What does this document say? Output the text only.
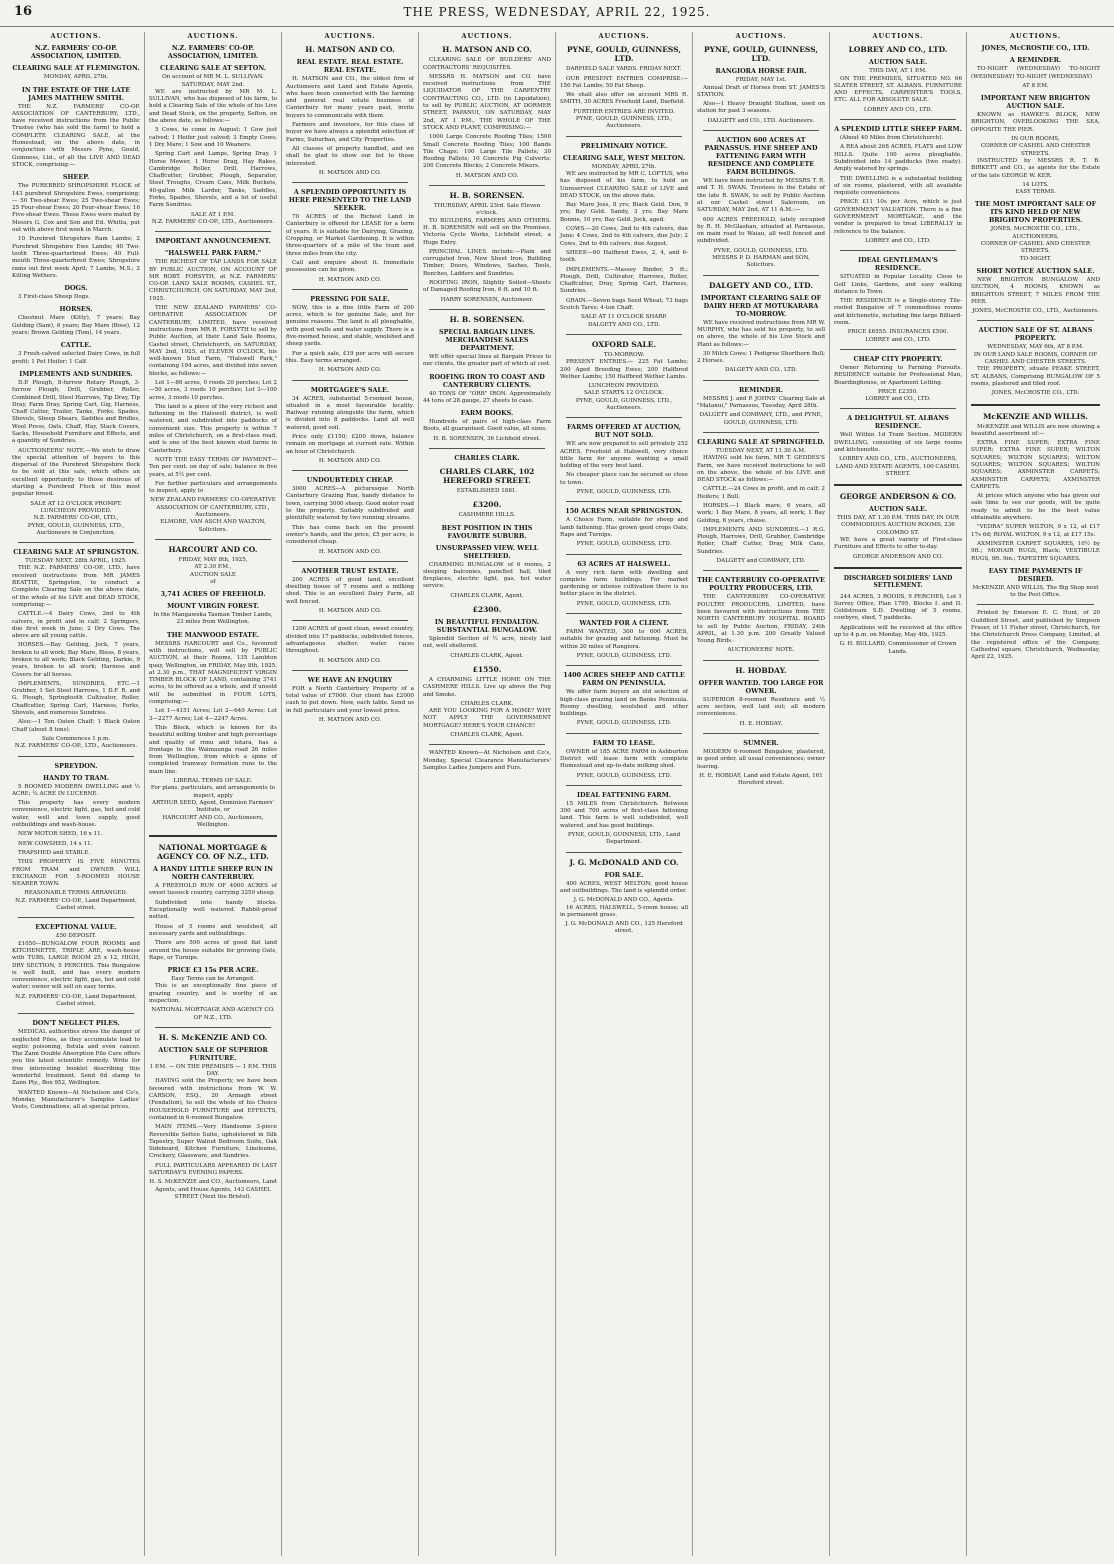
16	THE PRESS, WEDNESDAY, APRIL 22, 1925.
AUCTIONS.
N.Z. FARMERS' CO-OP. ASSOCIATION, LIMITED.
CLEARING SALE AT FLEMINGTON.
MONDAY, APRIL 27th.
IN THE ESTATE OF THE LATE JAMES MATTHEW SMITH.

THE N.Z. FARMERS' CO-OP. ASSOCIATION OF CANTERBURY, LTD., have received instructions from the Public Trustee (who has sold the farm) to hold a COMPLETE CLEARING SALE, at the Homestead, on the above date, in conjunction with Messrs Pyne, Gould, Guinness, Ltd., of all the LIVE AND DEAD STOCK, comprising:—

SHEEP.

The PUREBRED SHROPSHIRE FLOCK of 143 purebred Shropshire Ewes, comprising:— 50 Two-shear Ewes; 25 Two-shear Ewes; 25 Four-shear Ewes; 20 Four-shear Ewes; 16 Five-shear Ewes. These Ewes were mated by Messrs G. Cox and Son and Ed. Whitta, put out with above first week in March.

10 Purebred Shropshire Ram Lambs; 2 Purebred Shropshire Ewe Lambs; 40 Two-tooth Three-quarterbred Ewes; 40 Full-mouth Three-quarterbred Ewes; Shropshire rams out first week April; 7 Lambs, M.S.; 2 Killing Wethers.

DOGS.

3 First-class Sheep Dogs.

HORSES.

Chestnut Mare (Kitty), 7 years; Bay Gelding (Sam), 6 years; Bay Mare (Boss), 12 years; Brown Gelding (Tom), 14 years.

CATTLE.

3 Fresh-calved selected Dairy Cows, in full profit; 1 Pet Heifer; 1 Calf.

IMPLEMENTS AND SUNDRIES.

D.P. Plough, 8-furrow Rotary Plough, 3-furrow Plough, Drill, Grubber, Roller, Combined Drill, Steel Harrows, Tip Dray, Tip Dray, Farm Dray, Spring Cart, Gig, Harness, Chaff Cutter, Trailer, Tanks, Forks, Spades, Shovels, Sheep Shears, Saddles and Bridles, Wool Press, Oats, Chaff, Hay, Stack Covers, Sacks, Household Furniture and Effects, and a quantity of Sundries.

AUCTIONEERS' NOTE.—We wish to draw the special attention of buyers to this dispersal of the Purebred Shropshire flock to be sold at this sale, which offers an excellent opportunity to those desirous of starting a Purebred Flock of this most popular breed.

SALE AT 12 O'CLOCK PROMPT.
LUNCHEON PROVIDED.
N.Z. FARMERS' CO-OP., LTD.,
PYNE, GOULD, GUINNESS, LTD., Auctioneers in Conjunction.
CLEARING SALE AT SPRINGSTON.
TUESDAY NEXT, 28th APRIL, 1925.

THE N.Z. FARMERS' CO-OP., LTD., have received instructions from MR JAMES BEATTIE, Springston, to conduct a Complete Clearing Sale on the above date, of the whole of his LIVE and DEAD STOCK, comprising:—

CATTLE.—4 Dairy Cows, 2nd to 4th calvers, in profit and in calf; 2 Springers, due first week in June; 2 Dry Cows. The above are all young cattle.

HORSES.—Bay Gelding, Jock, 7 years, broken to all work; Bay Mare, Bless, 8 years, broken to all work; Black Gelding, Darkie, 9 years, broken to all work; Harness and Covers for all horses.

IMPLEMENTS, SUNDRIES, ETC.—1 Grubber, 1 Set Steel Harrows, 1 D.F. R. and G. Plough, Springtooth Cultivator, Roller, Chaffcutter, Spring Cart, Harness, Forks, Shovels, and numerous Sundries.

Also:—1 Ton Oaten Chaff; 1 Black Oaten Chaff (about 8 tons).

Sale Commences 1 p.m.
N.Z. FARMERS' CO-OP., LTD., Auctioneers.
SPREYDON.
HANDY TO TRAM.

5 ROOMED MODERN DWELLING and ½ ACRE; ¼ ACRE IN LUCERNE.

This property has every modern convenience, electric light, gas, hot and cold water, well and town supply, good outbuildings and wash-house.

NEW MOTOR SHED, 16 x 11.

NEW COWSHED, 14 x 11.

TRAPSHED and STABLE.

THIS PROPERTY IS FIVE MINUTES FROM TRAM and OWNER WILL EXCHANGE FOR 5-ROOMED HOUSE NEARER TOWN.

REASONABLE TERMS ARRANGED.
N.Z. FARMERS' CO-OP., Land Department, Cashel street.
EXCEPTIONAL VALUE.
£50 DEPOSIT.

£1050—BUNGALOW FOUR ROOMS and KITCHENETTE, TRIPLE ARE, wash-house with TUBS, LARGE ROOM 25 x 12, HIGH, DRY SECTION, 5 PERCHES. This Bungalow is well built, and has every modern convenience, electric light, gas, hot and cold water; owner will sell on easy terms.

N.Z. FARMERS' CO-OP., Land Department, Cashel street.
DON'T NEGLECT PILES.

MEDICAL authorities stress the danger of neglected Piles, as they accumulate lead to septic poisoning, fistula and even cancer. The Zann Double Absorption Pile Cure offers you the latest scientific remedy. Write for free interesting booklet describing this wonderful treatment. Send 6d stamp to Zann Pty., Box 952, Wellington.

WANTED Known—At Nicholson and Co's, Monday, Manufacturer's Samples Ladies' Vests, Combinations, all at special prices.

AUCTIONS.
N.Z. FARMERS' CO-OP. ASSOCIATION, LIMITED.
CLEARING SALE AT SEFTON.
On account of MR M. L. SULLIVAN.
SATURDAY, MAY 2nd.

WE are instructed by MR M. L. SULLIVAN, who has disposed of his farm, to hold a Clearing Sale of the whole of his Live and Dead Stock, on the property, Sefton, on the above date, as follows:—

5 Cows, to come in August; 1 Cow just calved; 1 Heifer just calved; 3 Empty Cows; 1 Dry Mare; 1 Sow and 10 Weaners.

Spring Cart and Lamps, Spring Dray, 1 Horse Mower, 1 Horse Drag, Hay Rakes, Cambridge Roller, Drill, Harrows, Chaffcutter, Grubber, Plough, Separator, Steel Troughs, Cream Cans, Milk Buckets, 40-gallon Milk Larder, Tanks, Saddles, Forks, Spades, Shovels, and a lot of useful Farm Sundries.

SALE AT 1 P.M.
N.Z. FARMERS' CO-OP., LTD., Auctioneers.
IMPORTANT ANNOUNCEMENT.
"HALSWELL PARK FARM."

THE RICHEST OF TAP LANDS FOR SALE BY PUBLIC AUCTION, ON ACCOUNT OF MR ROBT. FORSYTH, at N.Z. FARMERS' CO-OP. LAND SALE ROOMS, CASHEL ST., CHRISTCHURCH, ON SATURDAY, MAY 2nd, 1925.

THE NEW ZEALAND FARMERS' CO-OPERATIVE ASSOCIATION OF CANTERBURY, LIMITED, have received instructions from MR R. FORSYTH to sell by Public Auction, at their Land Sale Rooms, Cashel street, Christchurch, on SATURDAY, MAY 2nd, 1925, at ELEVEN O'CLOCK, his well-known Stud Farm, "Halswell Park," containing 194 acres, and divided into seven blocks, as follows:—

Lot 1—86 acres, 0 roods 20 perches; Lot 2—50 acres, 3 roods 10 perches; Lot 3—100 acres, 3 roods 10 perches.

The land is a piece of the very richest and fattening in the Halswell district, is well watered, and subdivided into paddocks of convenient size. This property is within 7 miles of Christchurch, on a first-class road, and is one of the best known stud farms in Canterbury.

NOTE THE EASY TERMS OF PAYMENT—Ten per cent. on day of sale; balance in five years, at 5½ per cent.

For further particulars and arrangements to inspect, apply to

NEW ZEALAND FARMERS' CO-OPERATIVE ASSOCIATION OF CANTERBURY, LTD., Auctioneers.
ELMORE, VAN ASCH AND WALTON, Solicitors.
HARCOURT AND CO.
FRIDAY, MAY 8th, 1925,
AT 2.30 P.M.,
AUCTION SALE
of
3,741 ACRES OF FREEHOLD.
MOUNT VIRGIN FOREST.
In the Mangaweka Tasman Timber Lands, 23 miles from Wellington.
THE MANWOOD ESTATE.

MESSRS HARCOURT and Co., favoured with instructions, will sell by PUBLIC AUCTION, at their Rooms, 135 Lambton quay, Wellington, on FRIDAY, May 8th, 1925, at 2.30 p.m., THAT MAGNIFICENT VIRGIN TIMBER BLOCK OF LAND, containing 3741 acres, to be offered as a whole, and if unsold will be submitted in FOUR LOTS, comprising:—

Lot 1—4151 Acres; Lot 2—640 Acres; Lot 3—2277 Acres; Lot 4—2247 Acres.

This Block, which is known for its beautiful milling timber and high percentage and quality of rimu and totara, has a frontage to the Waimaunga road 26 miles from Wellington, from which a spine of completed tramway formation runs to the main line.

LIBERAL TERMS OF SALE.
For plans, particulars, and arrangements to inspect, apply
ARTHUR SEED, Agent, Dominion Farmers' Institute, or
HARCOURT AND CO., Auctioneers, Wellington.
NATIONAL MORTGAGE & AGENCY CO. OF N.Z., LTD.
A HANDY LITTLE SHEEP RUN IN NORTH CANTERBURY.

A FREEHOLD RUN OF 4000 ACRES of sweet tussock country, carrying 3250 sheep.

Subdivided into handy blocks. Exceptionally well watered. Rabbit-proof netted.

House of 5 rooms and woolshed, all necessary yards and outbuildings.

There are 500 acres of good flat land around the house suitable for growing Oats, Rape, or Turnips.

PRICE £3 15s PER ACRE.
Easy Terms can be Arranged.

This is an exceptionally fine piece of grazing country, and is worthy of an inspection.

NATIONAL MORTGAGE AND AGENCY CO. OF N.Z., LTD.
H. S. McKENZIE AND CO.
AUCTION SALE OF SUPERIOR FURNITURE.
1 P.M. — ON THE PREMISES — 1 P.M. THIS DAY.

HAVING sold the Property, we have been favoured with instructions from W. W. CARSON, ESQ., 20 Armagh street (Fendalton), to sell the whole of his Choice HOUSEHOLD FURNITURE and EFFECTS, contained in 6-roomed Bungalow.

MAIN ITEMS.—Very Handsome 3-piece Reversible Settee Suite, upholstered in Silk Tapestry, Super Walnut Bedroom Suite, Oak Sideboard, Kitchen Furniture, Linoleums, Crockery, Glassware, and Sundries.

FULL PARTICULARS APPEARED IN LAST SATURDAY'S EVENING PAPERS.

H. S. McKENZIE and CO., Auctioneers, Land Agents, and House Agents, 143 CASHEL STREET (Next the Bristol).
AUCTIONS.
H. MATSON AND CO.
REAL ESTATE. REAL ESTATE. REAL ESTATE.

H. MATSON and CO., the oldest firm of Auctioneers and Land and Estate Agents, who have been connected with the farming and general real estate business of Canterbury for many years past, invite buyers to communicate with them.

Farmers and investors, for this class of buyer we have always a splendid selection of Farms, Suburban, and City Properties.

All classes of property handled, and we shall be glad to show our list to those interested.

H. MATSON AND CO.
A SPLENDID OPPORTUNITY IS HERE PRESENTED TO THE LAND SEEKER.

70 ACRES of the Richest Land in Canterbury is offered for LEASE for a term of years. It is suitable for Dairying, Grazing, Cropping, or Market Gardening. It is within three-quarters of a mile of the tram and three miles from the city.

Call and enquire about it. Immediate possession can be given.

H. MATSON AND CO.
PRESSING FOR SALE.

NOW, this is a fine little Farm of 200 acres, which is for genuine Sale, and for genuine reasons. The land is all ploughable, with good wells and water supply. There is a five-roomed house, and stable, woolshed and sheep yards.

For a quick sale, £19 per acre will secure this. Easy terms arranged.

H. MATSON AND CO.
MORTGAGEE'S SALE.

34 ACRES, substantial 5-roomed house, situated in a most favourable locality. Railway running alongside the farm, which is divided into 8 paddocks. Land all well watered, good soil.

Price only £1150; £200 down, balance remain on mortgage at current rate. Within an hour of Christchurch.

H. MATSON AND CO.
UNDOUBTEDLY CHEAP.

3000 ACRES—A picturesque North Canterbury Grazing Run, handy distance to town, carrying 3000 sheep. Good motor road to the property. Suitably subdivided and plentifully watered by two running streams.

This has come back on the present owner's hands, and the price, £5 per acre, is considered cheap.

H. MATSON AND CO.
ANOTHER TRUST ESTATE.

200 ACRES of good land, excellent dwelling house of 7 rooms and a milking shed. This is an excellent Dairy Farm, all well fenced.

H. MATSON AND CO.

1200 ACRES of good clean, sweet country, divided into 17 paddocks, subdivided fences, advantageous shelter, water races throughout.

H. MATSON AND CO.
WE HAVE AN ENQUIRY

FOR a North Canterbury Property of a total value of £7000. Our client has £2000 cash to put down. Now, each table. Send us in full particulars and your lowest price.

H. MATSON AND CO.
AUCTIONS.
H. MATSON AND CO.

CLEARING SALE OF BUILDERS' AND CONTRACTORS' REQUISITES.

MESSRS H. MATSON and CO. have received instructions from THE LIQUIDATOR OF THE CARPENTRY CONTRACTING CO., LTD. (in Liquidation), to sell by PUBLIC AUCTION, AT DORMER STREET, PAPANUI, ON SATURDAY, MAY 2nd, AT 1 P.M., THE WHOLE OF THE STOCK AND PLANT, COMPRISING:—

1000 Large Concrete Roofing Tiles; 1500 Small Concrete Roofing Tiles; 100 Bands Tile Chaps; 100 Large Tile Pallets; 30 Roofing Pallets; 10 Concrete Pig Culverts; 200 Concrete Blocks; 2 Concrete Mixers.

H. MATSON AND CO.
H. B. SORENSEN.
THURSDAY, APRIL 23rd. Sale Eleven o'clock.

TO BUILDERS, FARMERS AND OTHERS. H. B. SORENSEN will sell on the Premises, Victoria Cycle Works, Lichfield street, a Huge Entry.

PRINCIPAL LINES include:—Plain and corrugated Iron, New Sheet Iron, Building Timber, Doors, Windows, Sashes, Tools, Benches, Ladders and Sundries.

ROOFING IRON, Slightly Soiled—Sheets of Damaged Roofing Iron, 6 ft. and 10 ft.

HARRY SORENSEN, Auctioneer.
H. B. SORENSEN.
SPECIAL BARGAIN LINES. MERCHANDISE SALES DEPARTMENT.

WE offer special lines at Bargain Prices to our clients, the greater part of which at cost.

ROOFING IRON TO COAST AND CANTERBURY CLIENTS.

40 TONS OF "ORB" IRON. Approximately 44 tons of 28 gauge, 27 sheets to case.

FARM BOOKS.

Hundreds of pairs of high-class Farm Boots, all guaranteed. Good value, all sizes.

H. B. SORENSEN, 36 Lichfield street.
CHARLES CLARK.
CHARLES CLARK, 102 HEREFORD STREET.
ESTABLISHED 1881.
£3200.
CASHMERE HILLS.
BEST POSITION IN THIS FAVOURITE SUBURB.
UNSURPASSED VIEW. WELL SHELTERED.

CHARMING BUNGALOW of 6 rooms, 2 sleeping balconies, panelled hall, tiled fireplaces, electric light, gas, hot water service.

CHARLES CLARK, Agent.
£2300.
IN BEAUTIFUL FENDALTON. SUBSTANTIAL BUNGALOW.

Splendid Section of ½ acre, nicely laid out, well sheltered.

CHARLES CLARK, Agent.
£1550.

A CHARMING LITTLE HOME ON THE CASHMERE HILLS. Live up above the Fog and Smoke.

CHARLES CLARK.

ARE YOU LOOKING FOR A HOME? WHY NOT APPLY THE GOVERNMENT MORTGAGE? HERE'S YOUR CHANCE!

CHARLES CLARK, Agent.

WANTED Known—At Nicholson and Co's, Monday, Special Clearance Manufacturers' Samples Ladies Jumpers and Furs.

AUCTIONS.
PYNE, GOULD, GUINNESS, LTD.

DARFIELD SALE YARDS. FRIDAY NEXT.

OUR PRESENT ENTRIES COMPRISE:— 150 Fat Lambs; 50 Fat Sheep.

We shall also offer on account MRS R. SMITH, 30 ACRES Freehold Land, Darfield.

FURTHER ENTRIES ARE INVITED.
PYNE, GOULD, GUINNESS, LTD., Auctioneers.
PRELIMINARY NOTICE.
CLEARING SALE, WEST MELTON.
MONDAY, APRIL 27th.

WE are instructed by MR C. LOFTUS, who has disposed of his farm, to hold an Unreserved CLEARING SALE of LIVE and DEAD STOCK, on the above date.

Bay Mare Joss, 8 yrs; Black Geld. Don, 9 yrs; Bay Geld. Sandy, 3 yrs; Bay Mare Bonnie, 10 yrs; Bay Geld. Jock, aged.

COWS.—20 Cows, 2nd to 4th calvers, due June; 4 Cows, 2nd to 4th calvers, due July; 2 Cows, 2nd to 4th calvers, due August.

SHEEP.—60 Halfbred Ewes, 2, 4, and 6-tooth.

IMPLEMENTS.—Massey Binder, 5 ft.; Plough, Drill, Cultivator, Harrows, Roller, Chaffcutter, Dray, Spring Cart, Harness, Sundries.

GRAIN.—Seven bags Seed Wheat; 73 bags Scotch Tares; 4-ton Chaff.

SALE AT 11 O'CLOCK SHARP.
DALGETY AND CO., LTD.
OXFORD SALE.
TO-MORROW.

PRESENT ENTRIES.— 225 Fat Lambs; 200 Aged Breeding Ewes; 200 Halfbred Wether Lambs; 150 Halfbred Wether Lambs.

LUNCHEON PROVIDED.
SALE STARTS 12 O'CLOCK.
PYNE, GOULD, GUINNESS, LTD., Auctioneers.
FARMS OFFERED AT AUCTION, BUT NOT SOLD.

WE are now prepared to sell privately 252 ACRES, Freehold at Halswell, very choice little farm for anyone wanting a small holding of the very best land.

No cheaper place can be secured so close to town.

PYNE, GOULD, GUINNESS, LTD.
150 ACRES NEAR SPRINGSTON.

A Choice Farm, suitable for sheep and lamb fattening. Has grown good crops Oats, Rape and Turnips.

PYNE, GOULD, GUINNESS, LTD.
63 ACRES AT HALSWELL.

A very rich farm with dwelling and complete farm buildings. For market gardening or intense cultivation there is no better place in the district.

PYNE, GOULD, GUINNESS, LTD.
WANTED FOR A CLIENT.

FARM WANTED, 300 to 600 ACRES, suitable for grazing and fattening. Must be within 20 miles of Rangiora.

PYNE, GOULD, GUINNESS, LTD.
1400 ACRES SHEEP AND CATTLE FARM ON PENINSULA.

We offer farm buyers an old selection of high-class grazing land on Banks Peninsula. Roomy dwelling, woolshed and other buildings.

PYNE, GOULD, GUINNESS, LTD.
FARM TO LEASE.

OWNER of 185 ACRE FARM in Ashburton District will lease farm with complete Homestead and up-to-date milking shed.

PYNE, GOULD, GUINNESS, LTD.
IDEAL FATTENING FARM.

15 MILES from Christchurch. Between 300 and 700 acres of first-class fattening land. This farm is well subdivided, well watered, and has good buildings.

PYNE, GOULD, GUINNESS, LTD., Land Department.
J. G. McDONALD AND CO.
FOR SALE.

400 ACRES, WEST MELTON; good house and outbuildings. The land is splendid order.

J. G. McDONALD AND CO., Agents.

16 ACRES, HALSWELL, 5-room house; all in permanent grass.

J. G. McDONALD AND CO., 125 Hereford street.
AUCTIONS.
PYNE, GOULD, GUINNESS, LTD.
RANGIORA HORSE FAIR.
FRIDAY, MAY 1st.

Annual Draft of Horses from ST. JAMES'S STATION.

Also—1 Heavy Draught Stallion, used on station for past 3 seasons.

DALGETY and CO., LTD. Auctioneers.
AUCTION 600 ACRES AT PARNASSUS. FINE SHEEP AND FATTENING FARM WITH RESIDENCE AND COMPLETE FARM BUILDINGS.

WE have been instructed by MESSRS T. R. and T. H. SWAN, Trustees in the Estate of the late R. SWAN, to sell by Public Auction at our Cashel street Saleroom, on SATURDAY, MAY 2nd, AT 11 A.M.:—

600 ACRES FREEHOLD, lately occupied by R. H. McGlashan, situated at Parnassus, on main road to Waiau, all well fenced and subdivided.

PYNE, GOULD, GUINNESS, LTD.
MESSRS P. D. HARMAN and SON, Solicitors.
DALGETY AND CO., LTD.
IMPORTANT CLEARING SALE OF DAIRY HERD AT MOTUKARARA TO-MORROW.

WE have received instructions from MR W. MURPHY, who has sold his property, to sell on above, the whole of his Live Stock and Plant as follows:—

30 Milch Cows; 1 Pedigree Shorthorn Bull; 2 Horses.

DALGETY AND CO., LTD.
REMINDER.

MESSRS J. and P. JOHNS' Clearing Sale at "Matanui," Parnassus, Tuesday, April 28th.

DALGETY and COMPANY, LTD., and PYNE, GOULD, GUINNESS, LTD.
CLEARING SALE AT SPRINGFIELD.
TUESDAY NEXT, AT 11.30 A.M.

HAVING sold his farm, MR T. GEDDES'S Farm, we have received instructions to sell on the above, the whole of his LIVE and DEAD STOCK as follows:—

CATTLE.—24 Cows in profit, and in calf; 2 Heifers; 1 Bull.

HORSES.—1 Black mare, 6 years, all work; 1 Bay Mare, 8 years, all work; 1 Bay Gelding, 6 years, chaise.

IMPLEMENTS AND SUNDRIES.—1 R.G. Plough, Harrows, Drill, Grubber, Cambridge Roller, Chaff Cutter, Dray, Milk Cans, Sundries.

DALGETY and COMPANY, LTD.
THE CANTERBURY CO-OPERATIVE POULTRY PRODUCERS, LTD.

THE CANTERBURY CO-OPERATIVE POULTRY PRODUCERS, LIMITED, have been favoured with instructions from THE NORTH CANTERBURY HOSPITAL BOARD to sell by Public Auction, FRIDAY, 24th APRIL, at 1.30 p.m. 200 Greatly Valued Young Birds.

AUCTIONEERS' NOTE.
H. HOBDAY.
OFFER WANTED. TOO LARGE FOR OWNER.

SUPERIOR 8-roomed Residence and ½ acre section, well laid out; all modern conveniences.

H. E. HOBDAY.
SUMNER.

MODERN 6-roomed Bungalow, plastered, in good order, all usual conveniences; owner leaving.

H. E. HOBDAY, Land and Estate Agent, 161 Hereford street.
AUCTIONS.
LOBREY AND CO., LTD.
AUCTION SALE.
THIS DAY, AT 1 P.M.

ON THE PREMISES, SITUATED NO. 66 SLATER STREET, ST. ALBANS. FURNITURE AND EFFECTS, CARPENTER'S TOOLS, ETC. ALL FOR ABSOLUTE SALE.

LOBREY AND CO., LTD.
A SPLENDID LITTLE SHEEP FARM.

(About 40 Miles from Christchurch).

A REA about 268 ACRES, FLATS and LOW HILLS. Quite 100 acres ploughable. Subdivided into 14 paddocks (two ready). Amply watered by springs.

THE DWELLING is a substantial building of six rooms, plastered, with all available requisite conveniences.

PRICE £11 10s per Acre, which is just GOVERNMENT VALUATION. There is a fine GOVERNMENT MORTGAGE, and the vendor is prepared to treat LIBERALLY in reference to the balance.

LOBREY and CO., LTD.
IDEAL GENTLEMAN'S RESIDENCE.

SITUATED in Popular Locality. Close to Golf Links, Gardens, and easy walking distance to Town.

THE RESIDENCE is a Single-storey Tile-roofed Bungalow of 7 commodious rooms and kitchenette, including fine large Billiard-room.

PRICE £6555. INSURANCES £500.
LOBREY and CO., LTD.
CHEAP CITY PROPERTY.

Owner Returning to Farming Pursuits. RESIDENCE suitable for Professional Man, Boardinghouse, or Apartment Letting.

PRICE £2350.
LOBREY and CO., LTD.
A DELIGHTFUL ST. ALBANS RESIDENCE.

Well Within 1d Tram Section. MODERN DWELLING, consisting of six large rooms and kitchenette.

LOBREY AND CO., LTD., AUCTIONEERS, LAND AND ESTATE AGENTS, 100 CASHEL STREET.
GEORGE ANDERSON & CO.
AUCTION SALE.
THIS DAY, AT 1.30 P.M. THIS DAY, IN OUR COMMODIOUS AUCTION ROOMS, 236 COLOMBO ST.

WE have a great variety of First-class Furniture and Effects to offer to-day.

GEORGE ANDERSON AND CO.
DISCHARGED SOLDIERS' LAND SETTLEMENT.

244 ACRES, 3 ROODS, 9 PERCHES, Lot 1 Survey Office, Plan 1795, Blocks I. and II. Coldstream S.D. Dwelling of 5 rooms, cowbyre, shed, 7 paddocks.

Applications will be received at the office up to 4 p.m. on Monday, May 4th, 1925.

G. H. BULLARD, Commissioner of Crown Lands.
AUCTIONS.
JONES, McCROSTIE CO., LTD.
A REMINDER.

TO-NIGHT (WEDNESDAY) TO-NIGHT (WEDNESDAY) TO-NIGHT (WEDNESDAY)

AT 8 P.M.
IMPORTANT NEW BRIGHTON AUCTION SALE.

KNOWN as HAWKE'S BLOCK, NEW BRIGHTON, OVERLOOKING THE SEA, OPPOSITE THE PIER.

IN OUR ROOMS,
CORNER OF CASHEL AND CHESTER STREETS.

INSTRUCTED by MESSRS R. T. B. BIRKETT and CO., as agents for the Estate of the late GEORGE W. KER.

14 LOTS.
EASY TERMS.
THE MOST IMPORTANT SALE OF ITS KIND HELD OF NEW BRIGHTON PROPERTIES.
JONES, McCROSTIE CO., LTD., AUCTIONEERS,
CORNER OF CASHEL AND CHESTER STREETS.
TO-NIGHT.
SHORT NOTICE AUCTION SALE.

NEW BRIGHTON BUNGALOW AND SECTION, 4 ROOMS, KNOWN as BRIGHTON STREET, 7 MILES FROM THE PIER.

JONES, McCROSTIE CO., LTD., Auctioneers.
AUCTION SALE OF ST. ALBANS PROPERTY.
WEDNESDAY, MAY 6th, AT 8 P.M.
IN OUR LAND SALE ROOMS, CORNER OF CASHEL AND CHESTER STREETS.

THE PROPERTY, situate PEAKE STREET, ST. ALBANS, Comprising BUNGALOW OF 5 rooms, plastered and tiled roof.

JONES, McCROSTIE CO., LTD.
McKENZIE AND WILLIS.

McKENZIE and WILLIS are now showing a beautiful assortment of:—

EXTRA FINE SUPER; EXTRA FINE SUPER; EXTRA FINE SUPER; WILTON SQUARES; WILTON SQUARES; WILTON SQUARES; WILTON SQUARES; WILTON SQUARES; AXMINSTER CARPETS; AXMINSTER CARPETS; AXMINSTER CARPETS.

At prices which anyone who has given our sale time to see our goods, will be quite ready to admit to be the best value obtainable anywhere.

"VEDRA" SUPER WILTON, 9 x 12, at £17 17s 6d; ROYAL WILTON, 9 x 12, at £17 15s.

AXMINSTER CARPET SQUARES, 10½ by 9ft.; MOHAIR RUGS, Black; VESTIBULE RUGS, 9ft. 9in.; TAPESTRY SQUARES.

EASY TIME PAYMENTS IF DESIRED.
McKENZIE AND WILLIS, The Big Shop next to the Post Office.

Printed by Emerson E. C. Hunt, of 20 Guildford Street, and published by Simpson Fraser, of 11 Fisher street, Christchurch, for the Christchurch Press Company, Limited, at the registered office of the Company, Cathedral square, Christchurch, Wednesday, April 22, 1925.
